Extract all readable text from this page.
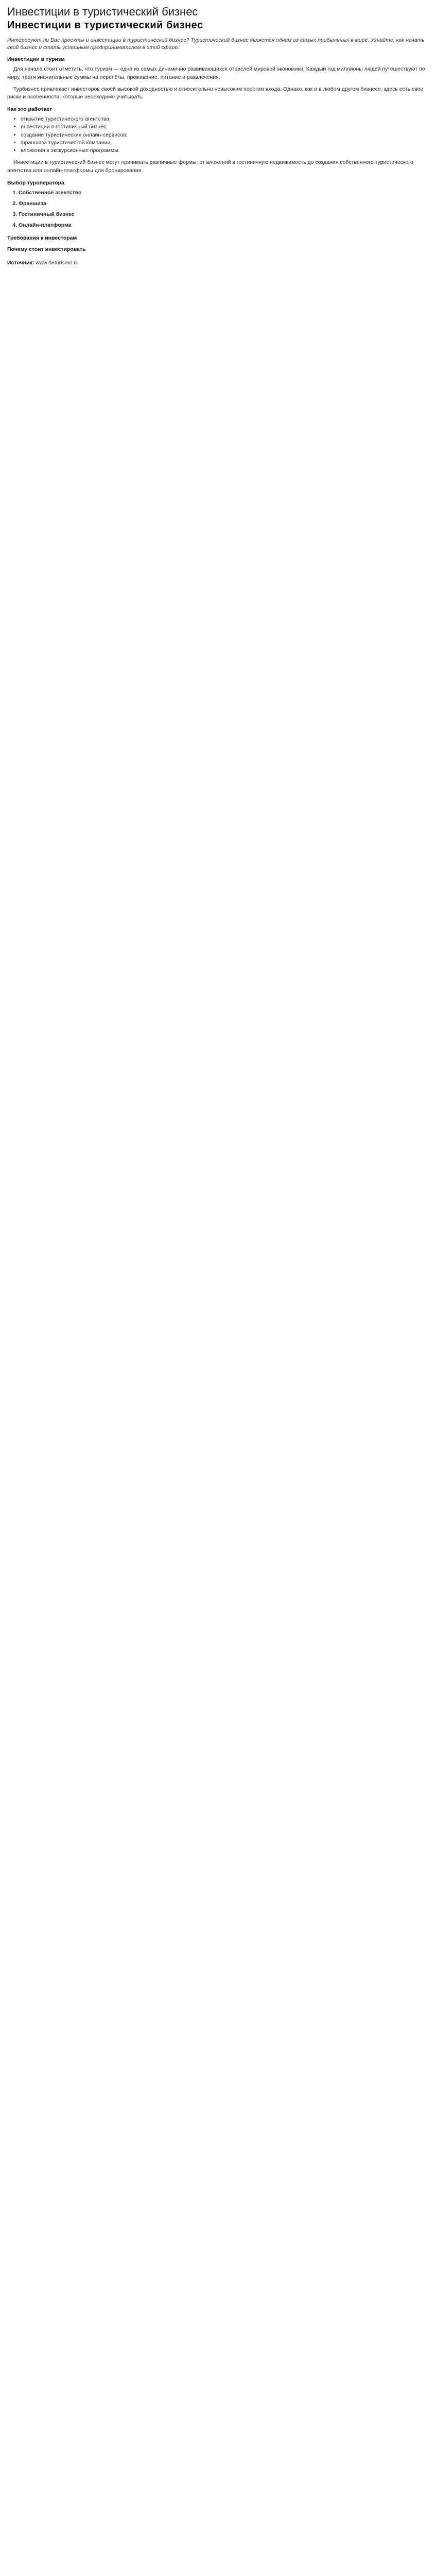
Инвестиции в туристический бизнес
Инвестиции в туристический бизнес
Интересуют ли Вас проекты и инвестиции в туристический бизнес? Туристический бизнес является одним из самых прибыльных в мире. Узнайте, как начать свой бизнес и стать успешным предпринимателем в этой сфере.
Инвестиции в туризм

Для начала стоит отметить, что туризм — одна из самых динамично развивающихся отраслей мировой экономики. Каждый год миллионы людей путешествуют по миру, тратя значительные суммы на перелёты, проживание, питание и развлечения.

Турбизнес привлекает инвесторов своей высокой доходностью и относительно невысоким порогом входа. Однако, как и в любом другом бизнесе, здесь есть свои риски и особенности, которые необходимо учитывать.

Как это работает
• открытие туристического агентства;
• инвестиции в гостиничный бизнес;
• создание туристических онлайн-сервисов;
• франшиза туристической компании;
• вложения в экскурсионные программы.

Инвестиции в туристический бизнес могут принимать различные формы: от вложений в гостиничную недвижимость до создания собственного туристического агентства или онлайн-платформы для бронирования.

Выбор туроператора
1. Собственное агентство
2. Франшиза
3. Гостиничный бизнес
4. Онлайн-платформа
Требования к инвесторам
Почему стоит инвестировать
Источник: www.deturismo.ru
